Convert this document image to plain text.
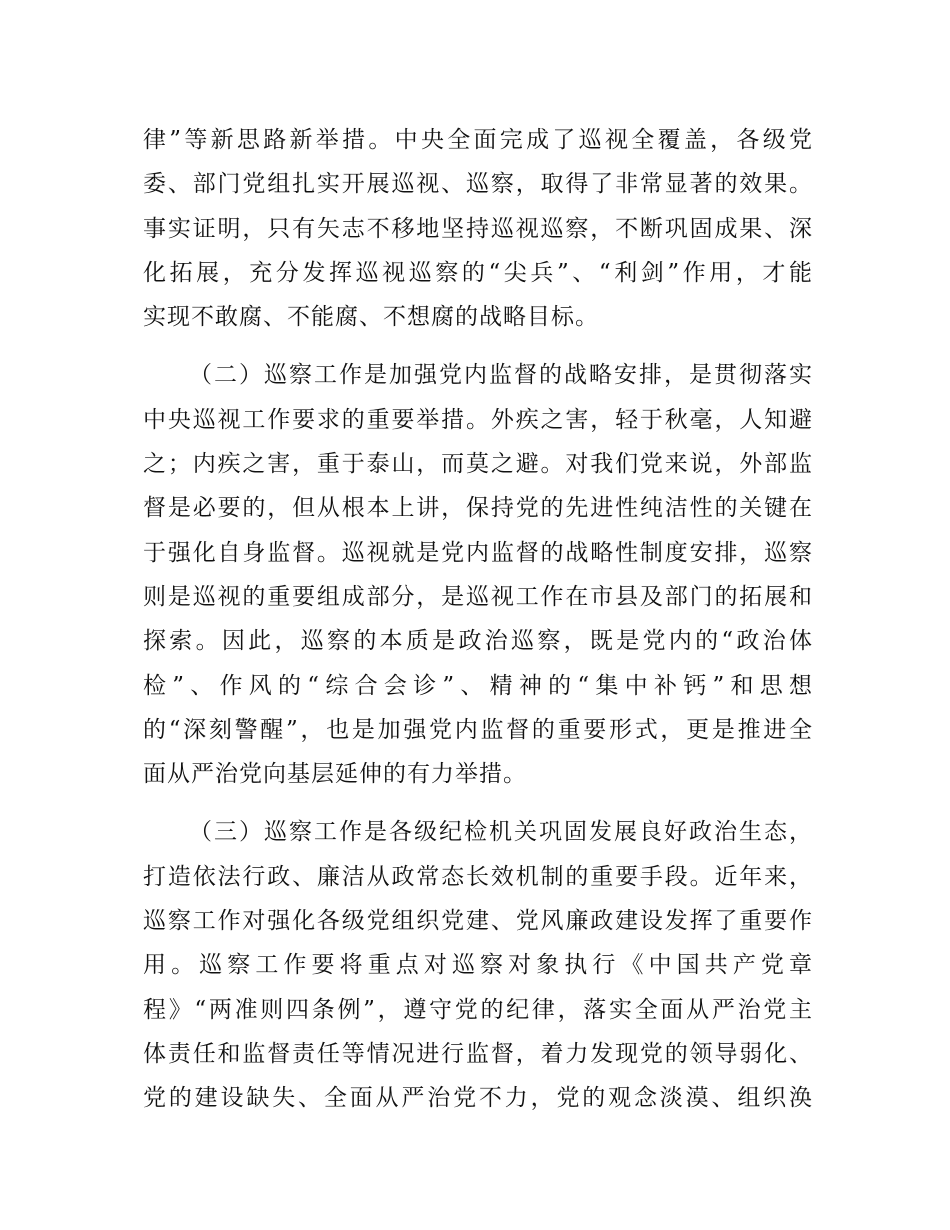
律”等新思路新举措。中央全面完成了巡视全覆盖，各级党
委、部门党组扎实开展巡视、巡察，取得了非常显著的效果。
事实证明，只有矢志不移地坚持巡视巡察，不断巩固成果、深
化拓展，充分发挥巡视巡察的“尖兵”、“利剑”作用，才能
实现不敢腐、不能腐、不想腐的战略目标。
（二）巡察工作是加强党内监督的战略安排，是贯彻落实
中央巡视工作要求的重要举措。外疾之害，轻于秋毫，人知避
之；内疾之害，重于泰山，而莫之避。对我们党来说，外部监
督是必要的，但从根本上讲，保持党的先进性纯洁性的关键在
于强化自身监督。巡视就是党内监督的战略性制度安排，巡察
则是巡视的重要组成部分，是巡视工作在市县及部门的拓展和
探索。因此，巡察的本质是政治巡察，既是党内的“政治体
检”、作风的“综合会诊”、精神的“集中补钙”和思想
的“深刻警醒”，也是加强党内监督的重要形式，更是推进全
面从严治党向基层延伸的有力举措。
（三）巡察工作是各级纪检机关巩固发展良好政治生态，
打造依法行政、廉洁从政常态长效机制的重要手段。近年来，
巡察工作对强化各级党组织党建、党风廉政建设发挥了重要作
用。巡察工作要将重点对巡察对象执行《中国共产党章
程》“两准则四条例”，遵守党的纪律，落实全面从严治党主
体责任和监督责任等情况进行监督，着力发现党的领导弱化、
党的建设缺失、全面从严治党不力，党的观念淡漠、组织涣
